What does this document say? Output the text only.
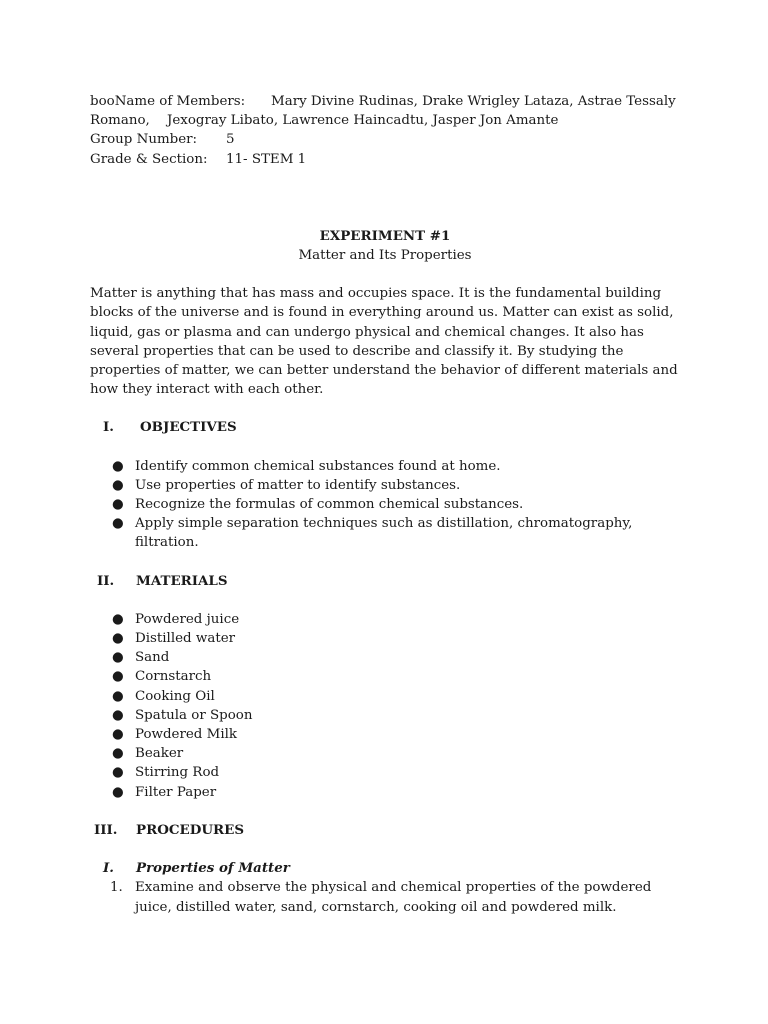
booName of Members:	Mary Divine Rudinas, Drake Wrigley Lataza, Astrae Tessaly
Romano,	Jexogray Libato, Lawrence Haincadtu, Jasper Jon Amante
Group Number:	5
Grade & Section:	11- STEM 1
EXPERIMENT #1
Matter and Its Properties

Matter is anything that has mass and occupies space. It is the fundamental building

blocks of the universe and is found in everything around us. Matter can exist as solid,

liquid, gas or plasma and can undergo physical and chemical changes. It also has

several properties that can be used to describe and classify it. By studying the

properties of matter, we can better understand the behavior of different materials and

how they interact with each other.

I.	OBJECTIVES
● Identify common chemical substances found at home.
● Use properties of matter to identify substances.
● Recognize the formulas of common chemical substances.
● Apply simple separation techniques such as distillation, chromatography,
filtration.
II.	MATERIALS
● Powdered juice
● Distilled water
● Sand
● Cornstarch
● Cooking Oil
● Spatula or Spoon
● Powdered Milk
● Beaker
● Stirring Rod
● Filter Paper
III.	PROCEDURES
I.	Properties of Matter
1. Examine and observe the physical and chemical properties of the powdered
juice, distilled water, sand, cornstarch, cooking oil and powdered milk.
